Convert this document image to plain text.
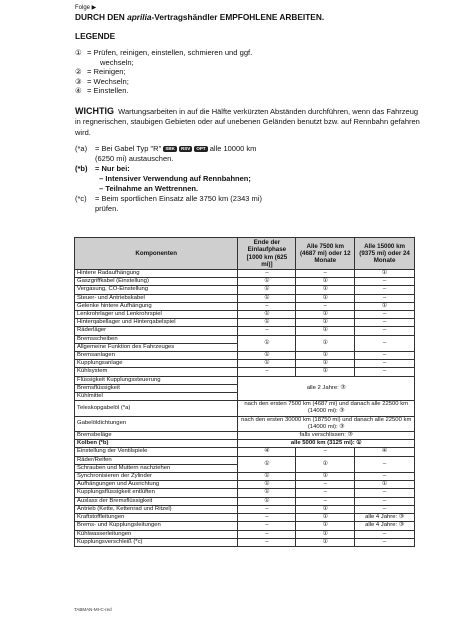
Folge ▶
DURCH DEN aprilia-Vertragshändler EMPFOHLENE ARBEITEN.
LEGENDE
① = Prüfen, reinigen, einstellen, schmieren und ggf.
wechseln;
② = Reinigen;
③ = Wechseln;
④ = Einstellen.
WICHTIG Wartungsarbeiten in auf die Hälfte verkürzten Abständen durchführen, wenn das Fahrzeug in regnerischen, staubigen Gebieten oder auf unebenen Geländen benutzt bzw. auf Rennbahn gefahren wird.
(*a)	= Bei Gabel Typ "R" SBK RSV OPT alle 10000 km
(6250 mi) austauschen.
(*b)	= Nur bei:
– Intensiver Verwendung auf Rennbahnen;
– Teilnahme an Wettrennen.
(*c)	= Beim sportlichen Einsatz alle 3750 km (2343 mi)
prüfen.
Komponenten	Ende der Einlaufphase [1000 km (625 mi)]	Alle 7500 km (4687 mi) oder 12 Monate	Alle 15000 km (9375 mi) oder 24 Monate
Hintere Radaufhängung	–	–	①
Gaszgriffkabel (Einstellung)	①	①	–
Vergasung, CO-Einstellung	①	①	–
Steuer- und Antriebskabel	①	①	–
Gelenke hintere Aufhängung	–	–	①
Lenkrohrlager und Lenkrohrspiel	①	①	–
Hinterqabellager und Hinterqabelspiel	①	①	–
Räderläger	–	①	–
Bremsscheiben	①	①	–
Allgemeine Funktion des Fahrzeuges			
Bremsanlagen	①	①	–
Kupplungsanlage	①	①	–
Kühlsystem	–	①	–
Flüssigkeit Kupplungssteuerung	alle 2 Jahre: ③		
Bremsflüssigkeit			
Kühlmittel			
Teleskopgabelöl (*a)	nach den ersten 7500 km (4687 mi) und danach alle 22500 km (14000 mi): ③		
Gabelöldichtungen	nach den ersten 30000 km (18750 mi) und danach alle 22500 km (14000 mi): ③		
Bremsbeläge	falls verschlissen: ③		
Kolben (*b)	alle 5000 km (3125 mi): ①		
Einstellung der Ventilspiele	④	–	④
Räder/Reifen	①	①	–
Schrauben und Muttern nachziehen			
Synchronisieren der Zylinder	①	①	–
Aufhängungen und Ausrichtung	①	–	①
Kupplungsflüssigkeit entlüften	①	–	–
Auslass der Bremsflüssigkeit	①	–	–
Antrieb (Kette, Kettenrad und Ritzel)	–	①	–
Kraftstoffleitungen	–	①	alle 4 Jahre: ③
Brems- und Kupplungsleitungen	–	①	alle 4 Jahre: ③
Kühlwasserleitungen	–	①	–
Kupplungsverschleiß (*c)	–	①	–
TABMAN-MI-C-red
